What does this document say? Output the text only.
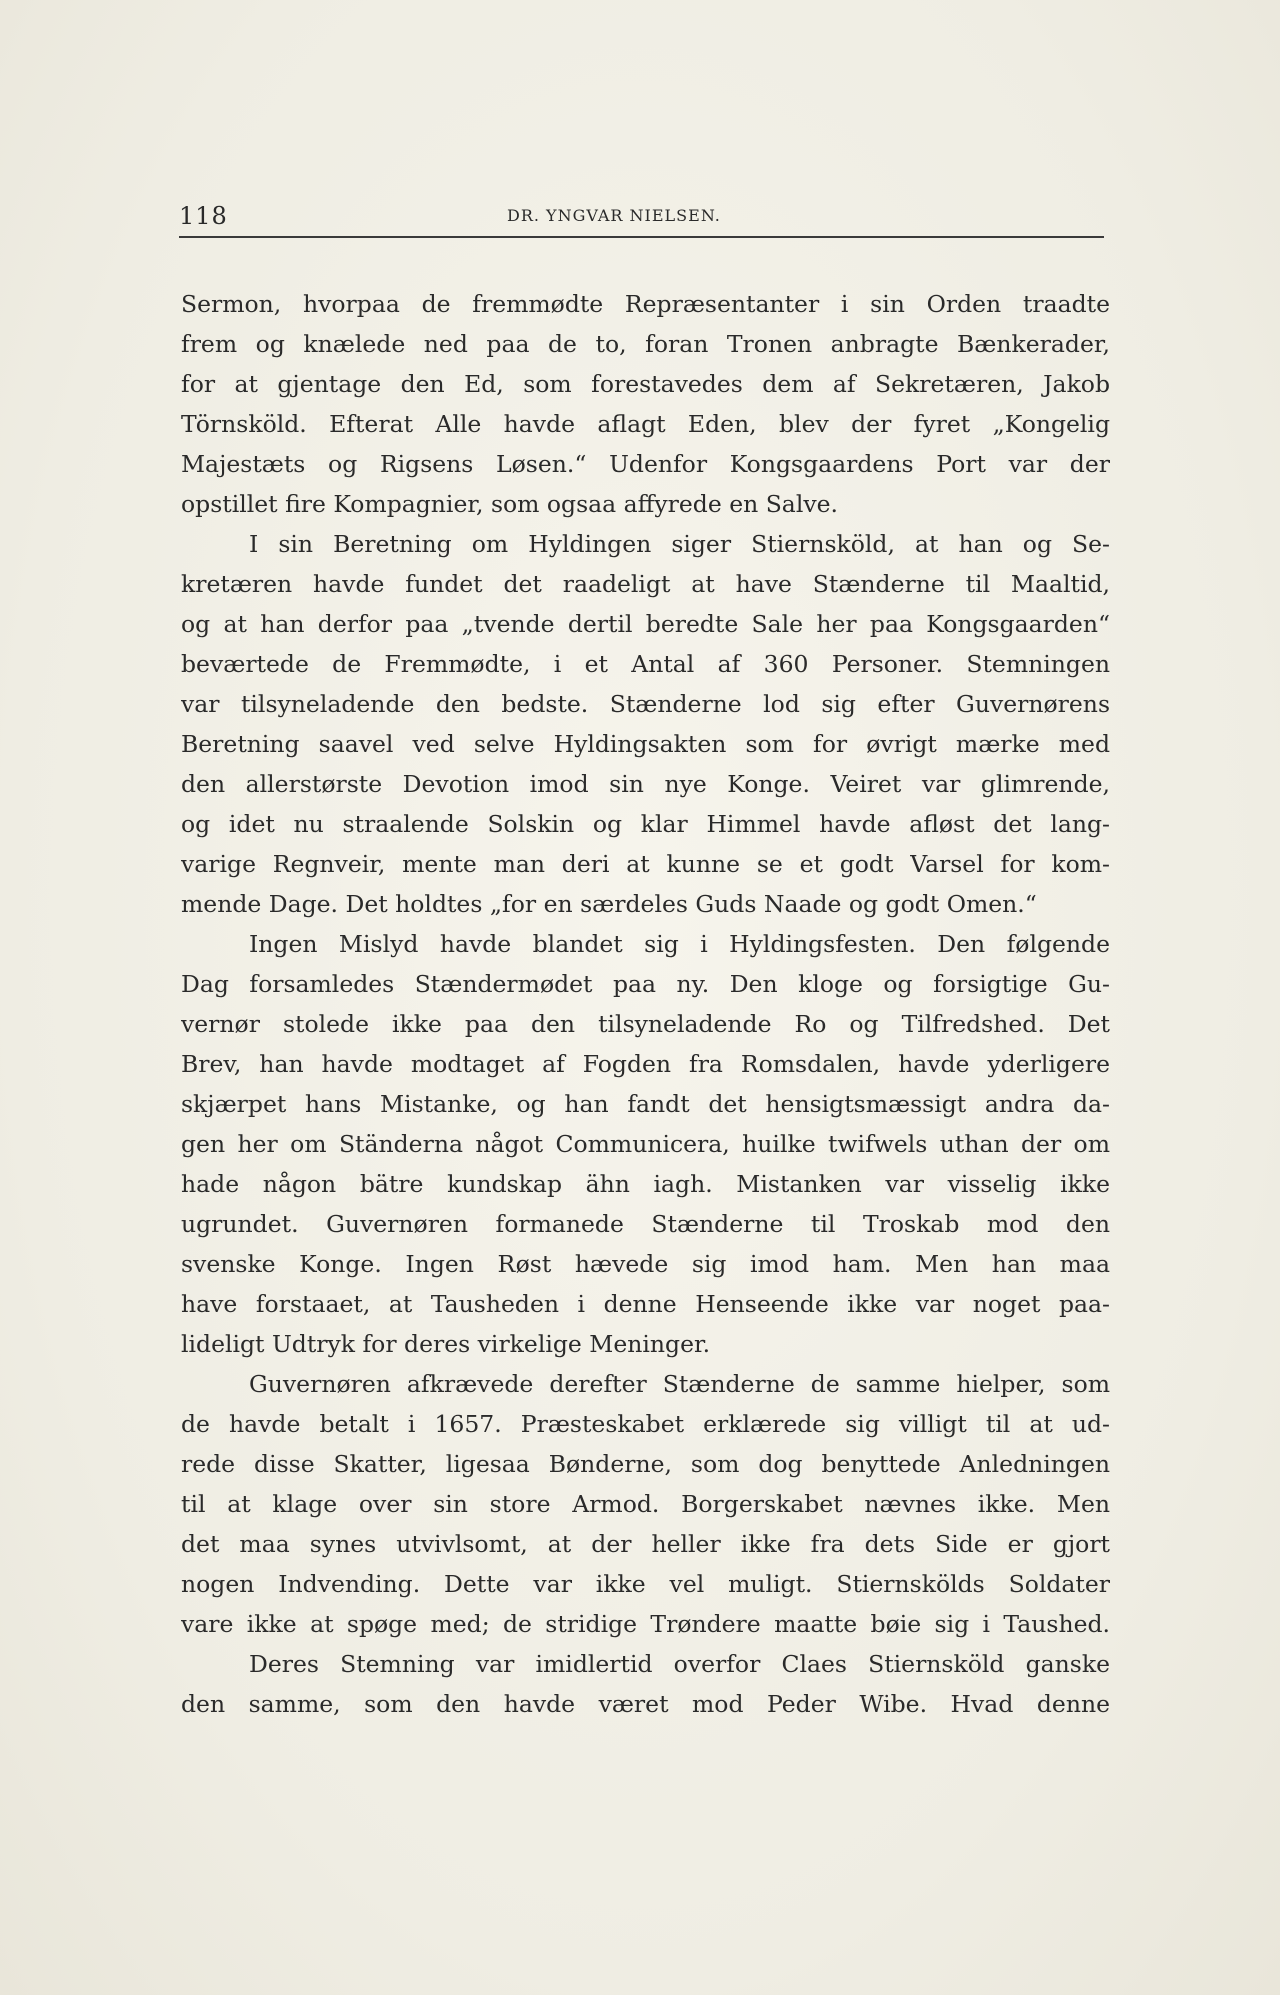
118	DR. YNGVAR NIELSEN.
Sermon, hvorpaa de fremmødte Repræsentanter i sin Orden traadte
frem og knælede ned paa de to, foran Tronen anbragte Bænkerader,
for at gjentage den Ed, som forestavedes dem af Sekretæren, Jakob
Törnsköld. Efterat Alle havde aflagt Eden, blev der fyret „Kongelig
Majestæts og Rigsens Løsen.“ Udenfor Kongsgaardens Port var der
opstillet fire Kompagnier, som ogsaa affyrede en Salve.
I sin Beretning om Hyldingen siger Stiernsköld, at han og Se-
kretæren havde fundet det raadeligt at have Stænderne til Maaltid,
og at han derfor paa „tvende dertil beredte Sale her paa Kongsgaarden“
beværtede de Fremmødte, i et Antal af 360 Personer. Stemningen
var tilsyneladende den bedste. Stænderne lod sig efter Guvernørens
Beretning saavel ved selve Hyldingsakten som for øvrigt mærke med
den allerstørste Devotion imod sin nye Konge. Veiret var glimrende,
og idet nu straalende Solskin og klar Himmel havde afløst det lang-
varige Regnveir, mente man deri at kunne se et godt Varsel for kom-
mende Dage. Det holdtes „for en særdeles Guds Naade og godt Omen.“
Ingen Mislyd havde blandet sig i Hyldingsfesten. Den følgende
Dag forsamledes Stændermødet paa ny. Den kloge og forsigtige Gu-
vernør stolede ikke paa den tilsyneladende Ro og Tilfredshed. Det
Brev, han havde modtaget af Fogden fra Romsdalen, havde yderligere
skjærpet hans Mistanke, og han fandt det hensigtsmæssigt andra da-
gen her om Ständerna något Communicera, huilke twifwels uthan der om
hade någon bätre kundskap ähn iagh. Mistanken var visselig ikke
ugrundet. Guvernøren formanede Stænderne til Troskab mod den
svenske Konge. Ingen Røst hævede sig imod ham. Men han maa
have forstaaet, at Tausheden i denne Henseende ikke var noget paa-
lideligt Udtryk for deres virkelige Meninger.
Guvernøren afkrævede derefter Stænderne de samme hielper, som
de havde betalt i 1657. Præsteskabet erklærede sig villigt til at ud-
rede disse Skatter, ligesaa Bønderne, som dog benyttede Anledningen
til at klage over sin store Armod. Borgerskabet nævnes ikke. Men
det maa synes utvivlsomt, at der heller ikke fra dets Side er gjort
nogen Indvending. Dette var ikke vel muligt. Stiernskölds Soldater
vare ikke at spøge med; de stridige Trøndere maatte bøie sig i Taushed.
Deres Stemning var imidlertid overfor Claes Stiernsköld ganske
den samme, som den havde været mod Peder Wibe. Hvad denne
